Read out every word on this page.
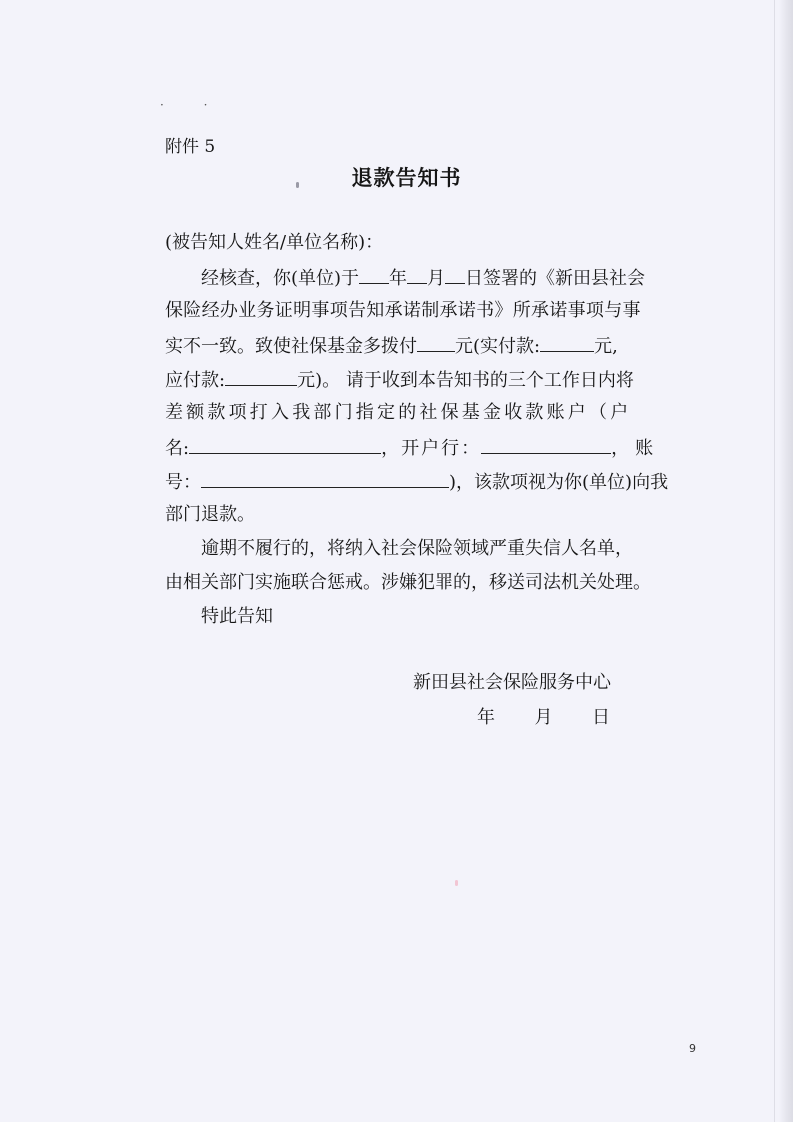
· ·
附件 5
退款告知书
(被告知人姓名/单位名称)：
经核查，你(单位)于 年 月 日签署的《新田县社会
保险经办业务证明事项告知承诺制承诺书》所承诺事项与事
实不一致。致使社保基金多拨付 元(实付款:	元,
应付款:	元)。 请于收到本告知书的三个工作日内将
差额款项打入我部门指定的社保基金收款账户（户
名:	，开户行：	，账
号：	)，该款项视为你(单位)向我
部门退款。
逾期不履行的，将纳入社会保险领域严重失信人名单，
由相关部门实施联合惩戒。涉嫌犯罪的，移送司法机关处理。
特此告知
新田县社会保险服务中心
年 月 日
9
